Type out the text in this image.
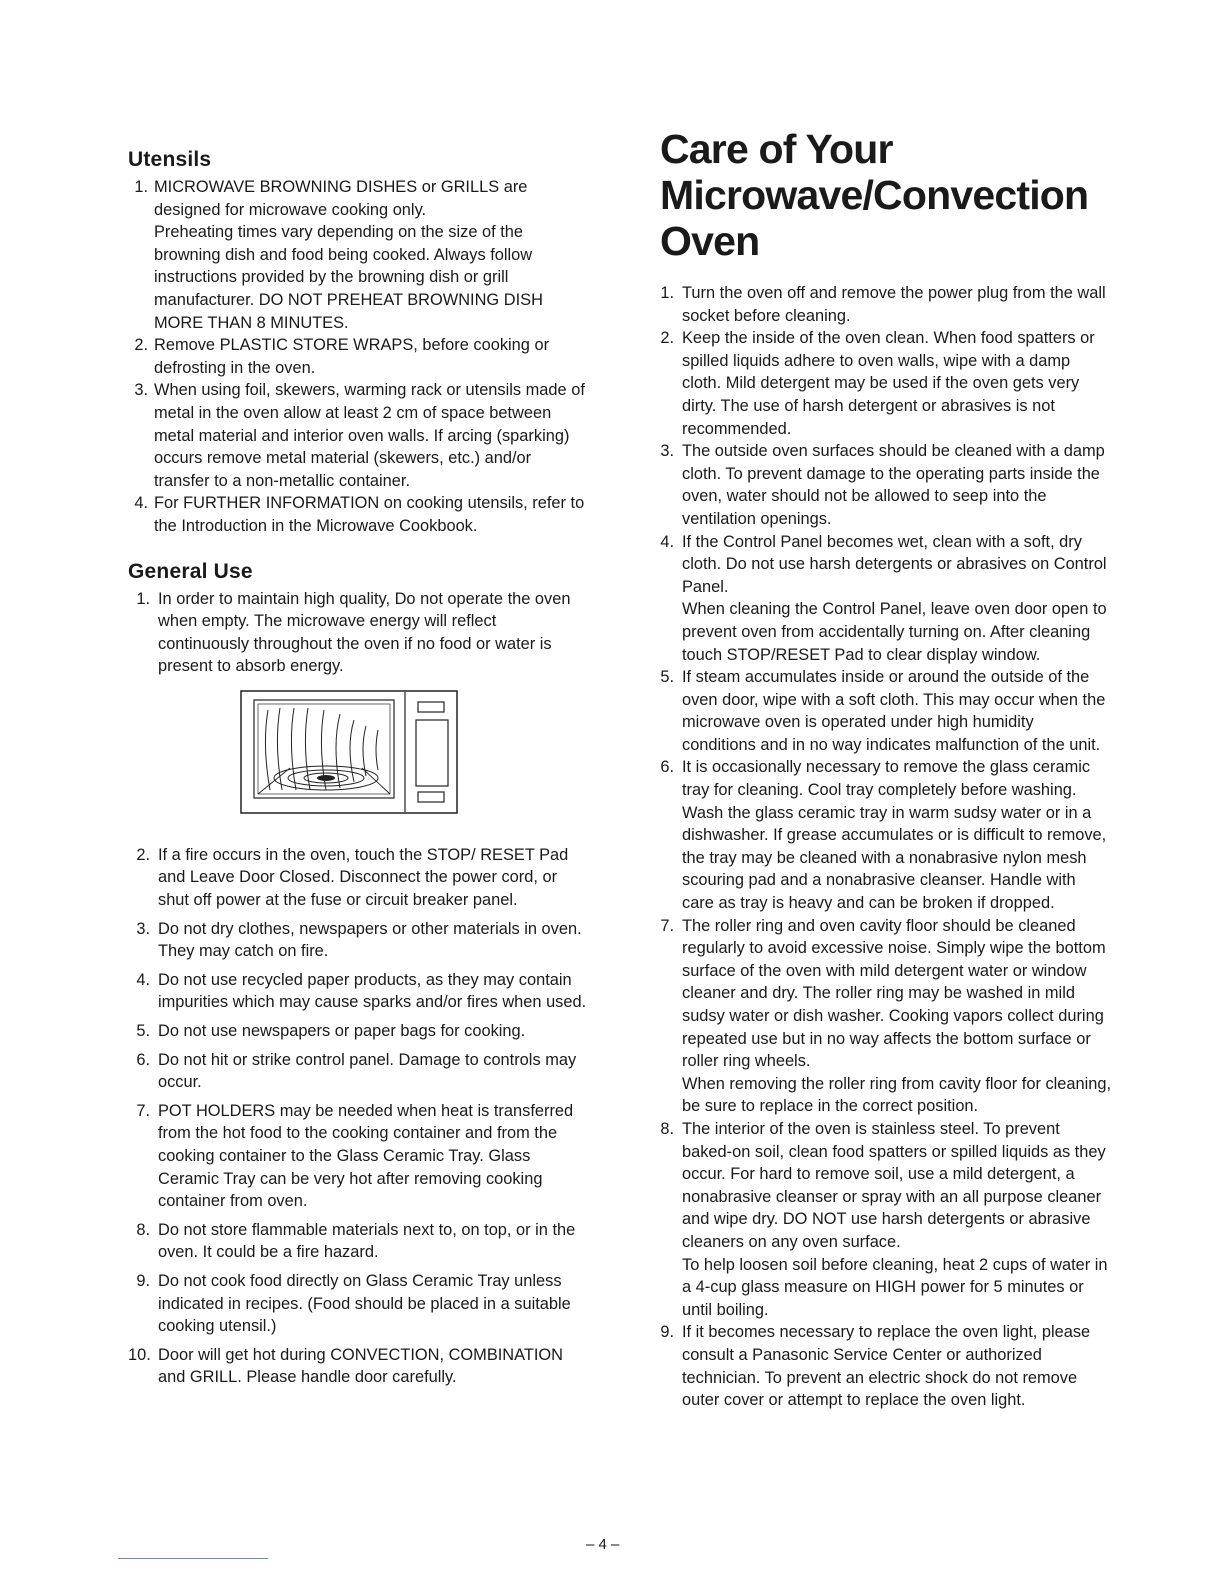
Utensils
1. MICROWAVE BROWNING DISHES or GRILLS are designed for microwave cooking only.
Preheating times vary depending on the size of the browning dish and food being cooked. Always follow instructions provided by the browning dish or grill manufacturer. DO NOT PREHEAT BROWNING DISH MORE THAN 8 MINUTES.
2. Remove PLASTIC STORE WRAPS, before cooking or defrosting in the oven.
3. When using foil, skewers, warming rack or utensils made of metal in the oven allow at least 2 cm of space between metal material and interior oven walls. If arcing (sparking) occurs remove metal material (skewers, etc.) and/or transfer to a non-metallic container.
4. For FURTHER INFORMATION on cooking utensils, refer to the Introduction in the Microwave Cookbook.
General Use
1. In order to maintain high quality, Do not operate the oven when empty. The microwave energy will reflect continuously throughout the oven if no food or water is present to absorb energy.
2. If a fire occurs in the oven, touch the STOP/ RESET Pad and Leave Door Closed. Disconnect the power cord, or shut off power at the fuse or circuit breaker panel.
3. Do not dry clothes, newspapers or other materials in oven. They may catch on fire.
4. Do not use recycled paper products, as they may contain impurities which may cause sparks and/or fires when used.
5. Do not use newspapers or paper bags for cooking.
6. Do not hit or strike control panel. Damage to controls may occur.
7. POT HOLDERS may be needed when heat is transferred from the hot food to the cooking container and from the cooking container to the Glass Ceramic Tray. Glass Ceramic Tray can be very hot after removing cooking container from oven.
8. Do not store flammable materials next to, on top, or in the oven. It could be a fire hazard.
9. Do not cook food directly on Glass Ceramic Tray unless indicated in recipes. (Food should be placed in a suitable cooking utensil.)
10. Door will get hot during CONVECTION, COMBINATION and GRILL. Please handle door carefully.
Care of Your Microwave/Convection Oven
1. Turn the oven off and remove the power plug from the wall socket before cleaning.
2. Keep the inside of the oven clean. When food spatters or spilled liquids adhere to oven walls, wipe with a damp cloth. Mild detergent may be used if the oven gets very dirty. The use of harsh detergent or abrasives is not recommended.
3. The outside oven surfaces should be cleaned with a damp cloth. To prevent damage to the operating parts inside the oven, water should not be allowed to seep into the ventilation openings.
4. If the Control Panel becomes wet, clean with a soft, dry cloth. Do not use harsh detergents or abrasives on Control Panel.
When cleaning the Control Panel, leave oven door open to prevent oven from accidentally turning on. After cleaning touch STOP/RESET Pad to clear display window.
5. If steam accumulates inside or around the outside of the oven door, wipe with a soft cloth. This may occur when the microwave oven is operated under high humidity conditions and in no way indicates malfunction of the unit.
6. It is occasionally necessary to remove the glass ceramic tray for cleaning. Cool tray completely before washing. Wash the glass ceramic tray in warm sudsy water or in a dishwasher. If grease accumulates or is difficult to remove, the tray may be cleaned with a nonabrasive nylon mesh scouring pad and a nonabrasive cleanser. Handle with care as tray is heavy and can be broken if dropped.
7. The roller ring and oven cavity floor should be cleaned regularly to avoid excessive noise. Simply wipe the bottom surface of the oven with mild detergent water or window cleaner and dry. The roller ring may be washed in mild sudsy water or dish washer. Cooking vapors collect during repeated use but in no way affects the bottom surface or roller ring wheels.
When removing the roller ring from cavity floor for cleaning, be sure to replace in the correct position.
8. The interior of the oven is stainless steel. To prevent baked-on soil, clean food spatters or spilled liquids as they occur. For hard to remove soil, use a mild detergent, a nonabrasive cleanser or spray with an all purpose cleaner and wipe dry. DO NOT use harsh detergents or abrasive cleaners on any oven surface.
To help loosen soil before cleaning, heat 2 cups of water in a 4-cup glass measure on HIGH power for 5 minutes or until boiling.
9. If it becomes necessary to replace the oven light, please consult a Panasonic Service Center or authorized technician. To prevent an electric shock do not remove outer cover or attempt to replace the oven light.
– 4 –
